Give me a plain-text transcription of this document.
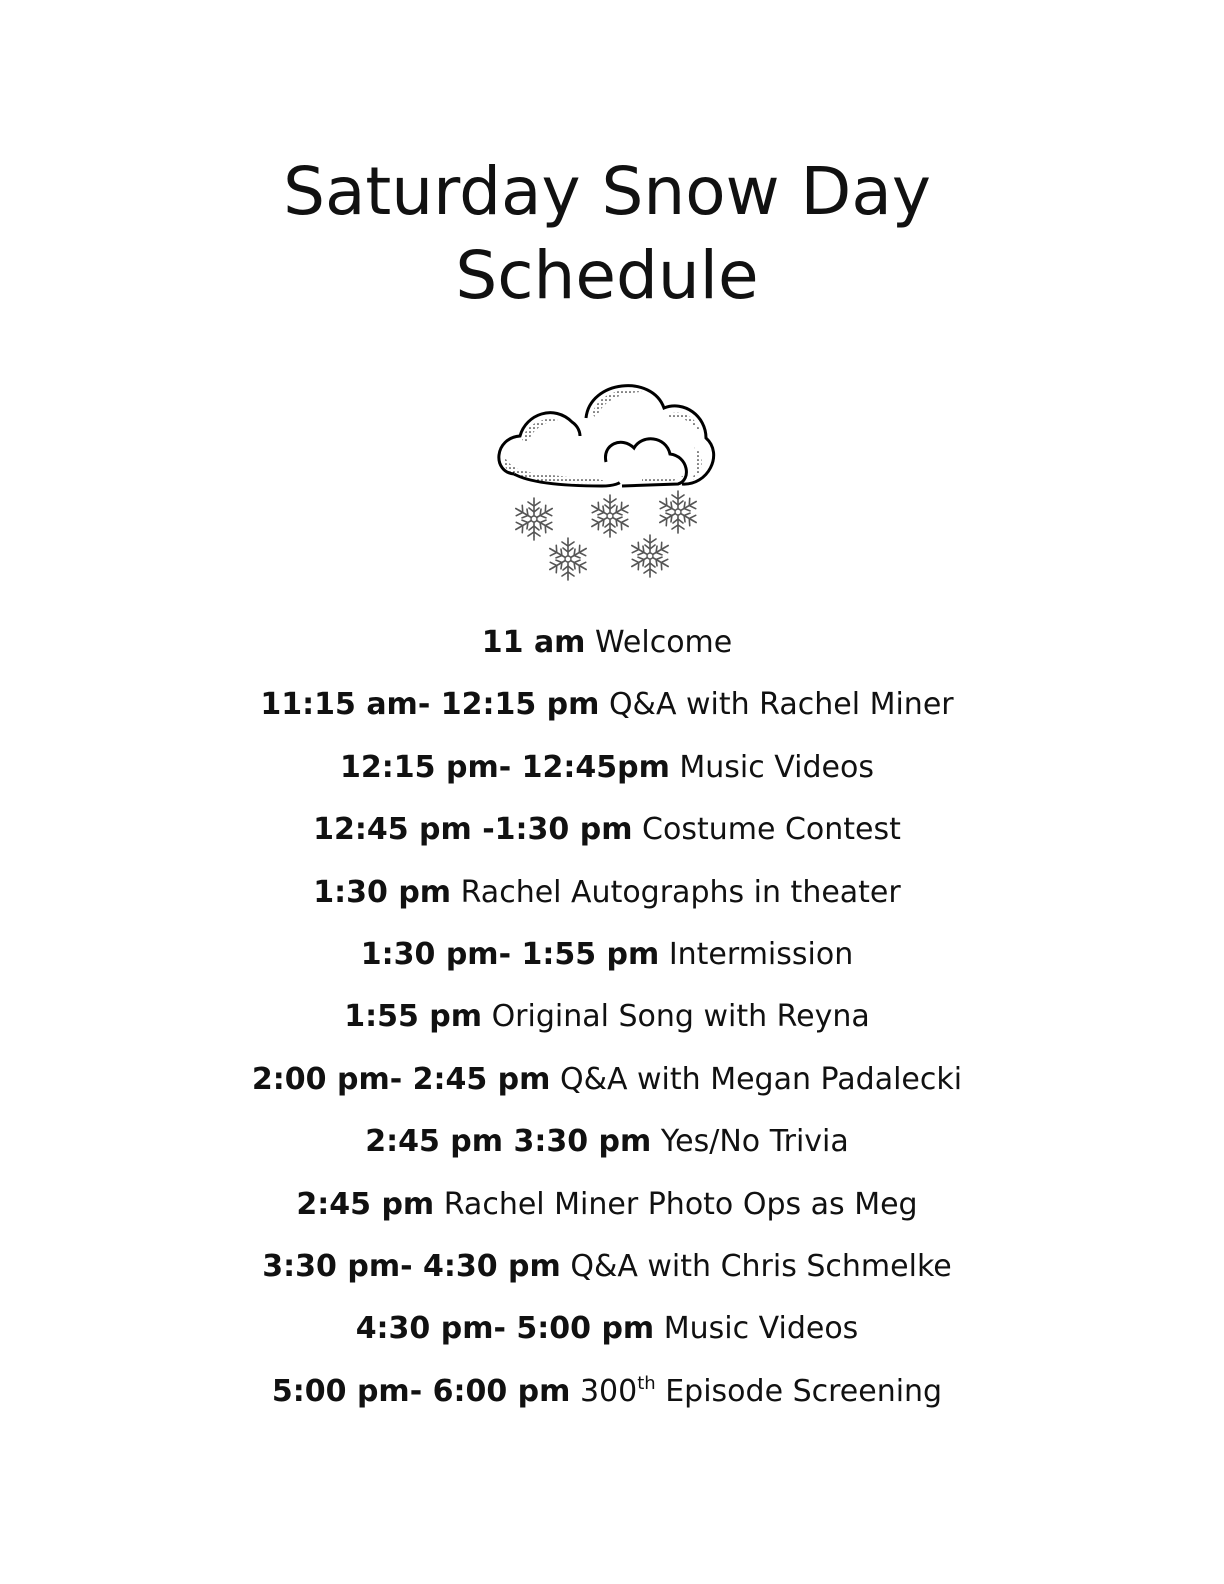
Saturday Snow Day
Schedule
11 am Welcome
11:15 am- 12:15 pm Q&A with Rachel Miner
12:15 pm- 12:45pm Music Videos
12:45 pm -1:30 pm Costume Contest
1:30 pm Rachel Autographs in theater
1:30 pm- 1:55 pm Intermission
1:55 pm Original Song with Reyna
2:00 pm- 2:45 pm Q&A with Megan Padalecki
2:45 pm 3:30 pm Yes/No Trivia
2:45 pm Rachel Miner Photo Ops as Meg
3:30 pm- 4:30 pm Q&A with Chris Schmelke
4:30 pm- 5:00 pm Music Videos
5:00 pm- 6:00 pm 300th Episode Screening
